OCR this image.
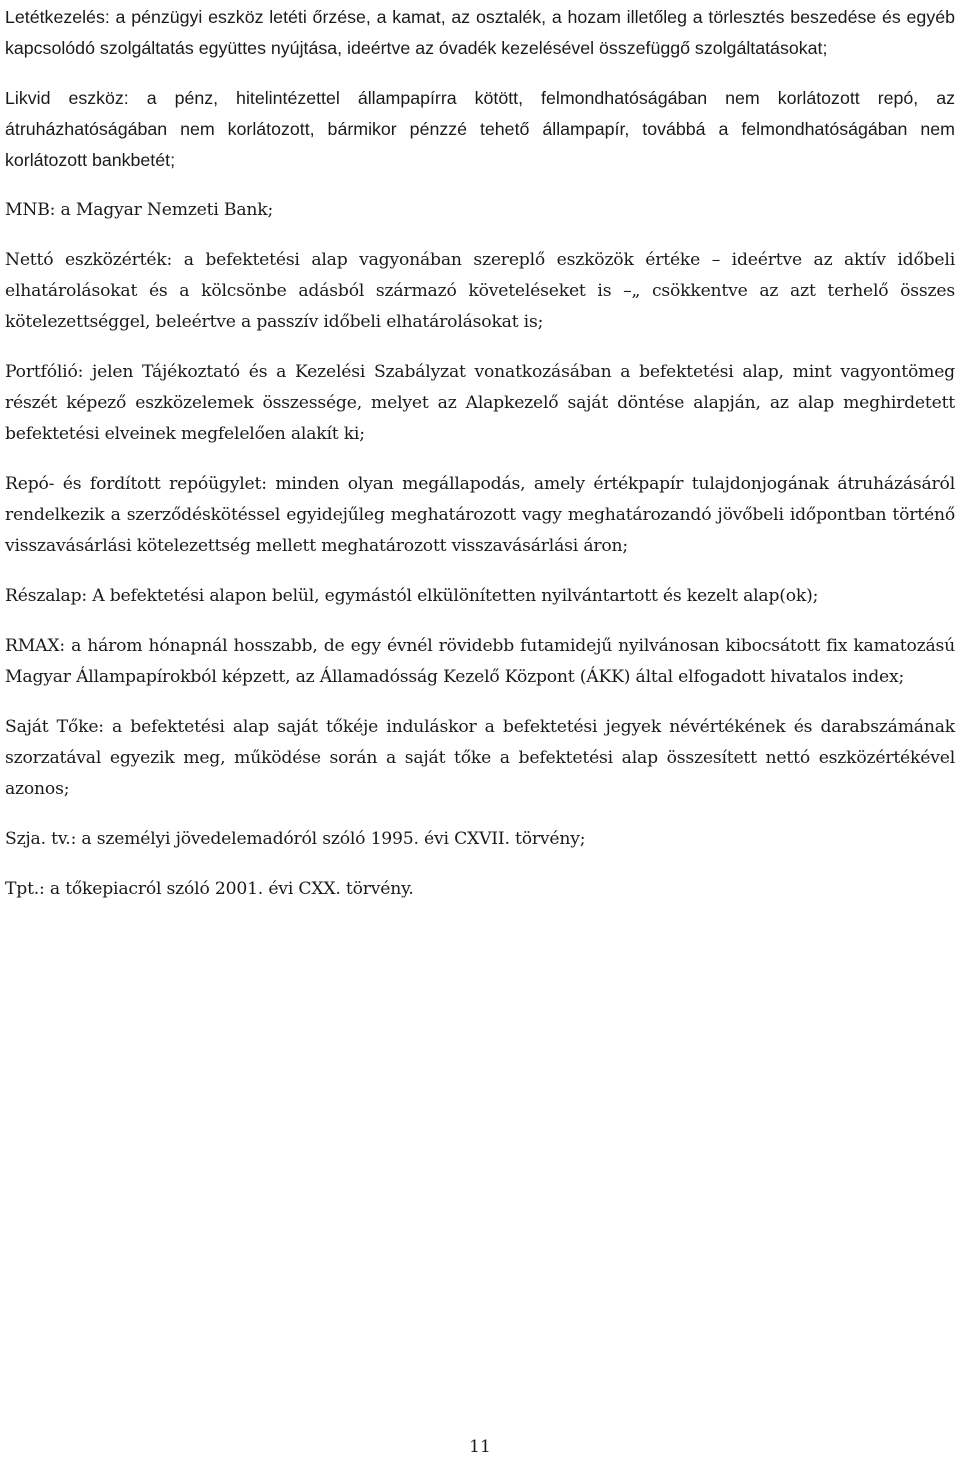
Letétkezelés: a pénzügyi eszköz letéti őrzése, a kamat, az osztalék, a hozam illetőleg a törlesztés beszedése és egyéb kapcsolódó szolgáltatás együttes nyújtása, ideértve az óvadék kezelésével összefüggő szolgáltatásokat;

Likvid eszköz: a pénz, hitelintézettel állampapírra kötött, felmondhatóságában nem korlátozott repó, az átruházhatóságában nem korlátozott, bármikor pénzzé tehető állampapír, továbbá a felmondhatóságában nem korlátozott bankbetét;

MNB: a Magyar Nemzeti Bank;

Nettó eszközérték: a befektetési alap vagyonában szereplő eszközök értéke – ideértve az aktív időbeli elhatárolásokat és a kölcsönbe adásból származó követeléseket is –„ csökkentve az azt terhelő összes kötelezettséggel, beleértve a passzív időbeli elhatárolásokat is;

Portfólió: jelen Tájékoztató és a Kezelési Szabályzat vonatkozásában a befektetési alap, mint vagyontömeg részét képező eszközelemek összessége, melyet az Alapkezelő saját döntése alapján, az alap meghirdetett befektetési elveinek megfelelően alakít ki;

Repó- és fordított repóügylet: minden olyan megállapodás, amely értékpapír tulajdonjogának átruházásáról rendelkezik a szerződéskötéssel egyidejűleg meghatározott vagy meghatározandó jövőbeli időpontban történő visszavásárlási kötelezettség mellett meghatározott visszavásárlási áron;

Részalap: A befektetési alapon belül, egymástól elkülönítetten nyilvántartott és kezelt alap(ok);

RMAX: a három hónapnál hosszabb, de egy évnél rövidebb futamidejű nyilvánosan kibocsátott fix kamatozású Magyar Állampapírokból képzett, az Államadósság Kezelő Központ (ÁKK) által elfogadott hivatalos index;

Saját Tőke: a befektetési alap saját tőkéje induláskor a befektetési jegyek névértékének és darabszámának szorzatával egyezik meg, működése során a saját tőke a befektetési alap összesített nettó eszközértékével azonos;

Szja. tv.: a személyi jövedelemadóról szóló 1995. évi CXVII. törvény;

Tpt.: a tőkepiacról szóló 2001. évi CXX. törvény.

11
